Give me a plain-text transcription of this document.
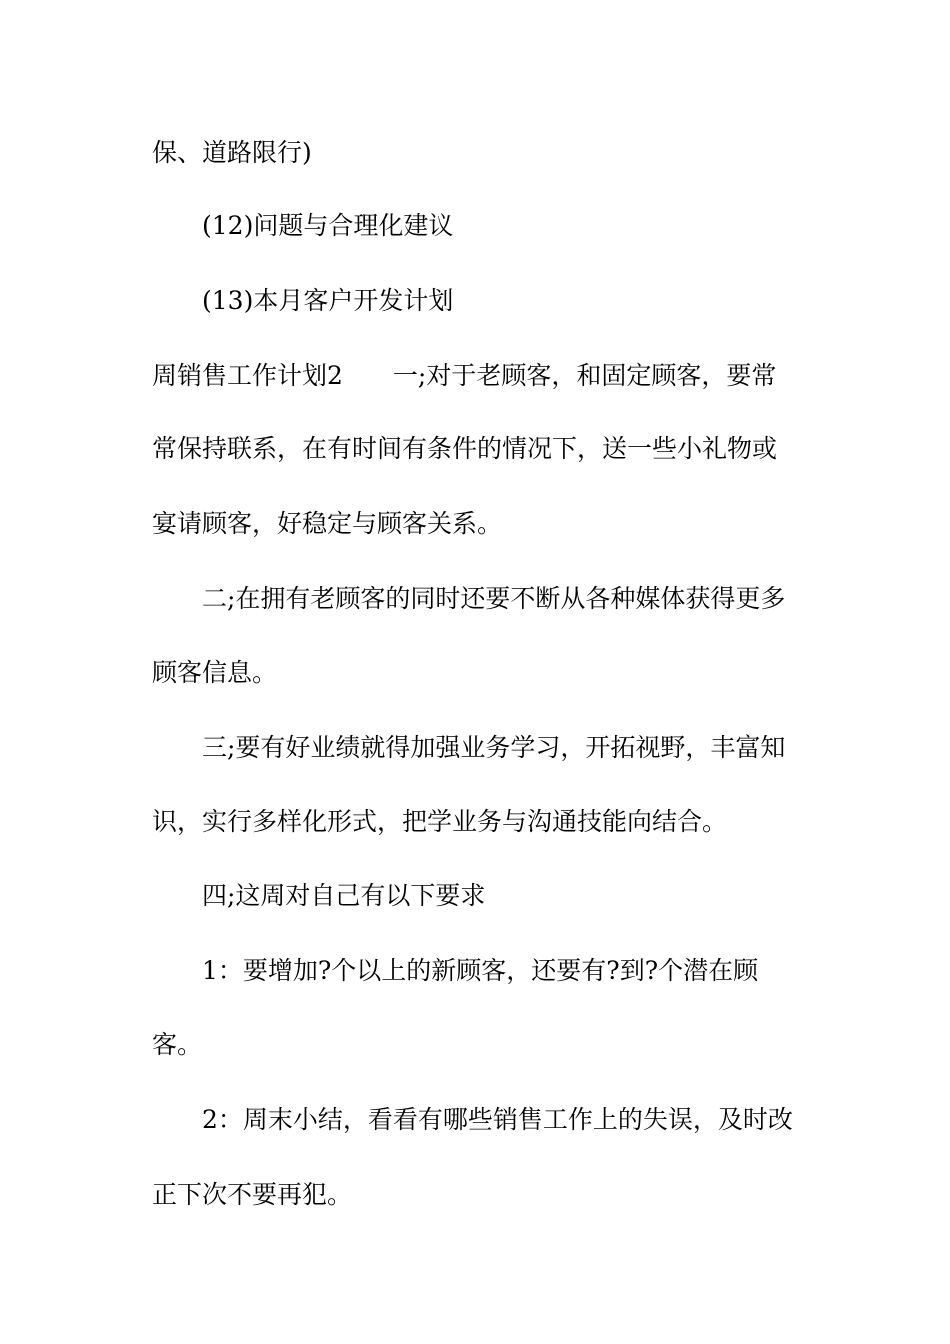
保、道路限行)
(12)问题与合理化建议
(13)本月客户开发计划
周销售工作计划2　　一;对于老顾客，和固定顾客，要常
常保持联系，在有时间有条件的情况下，送一些小礼物或
宴请顾客，好稳定与顾客关系。
二;在拥有老顾客的同时还要不断从各种媒体获得更多
顾客信息。
三;要有好业绩就得加强业务学习，开拓视野，丰富知
识，实行多样化形式，把学业务与沟通技能向结合。
四;这周对自己有以下要求
1：要增加?个以上的新顾客，还要有?到?个潜在顾
客。
2：周末小结，看看有哪些销售工作上的失误，及时改
正下次不要再犯。
